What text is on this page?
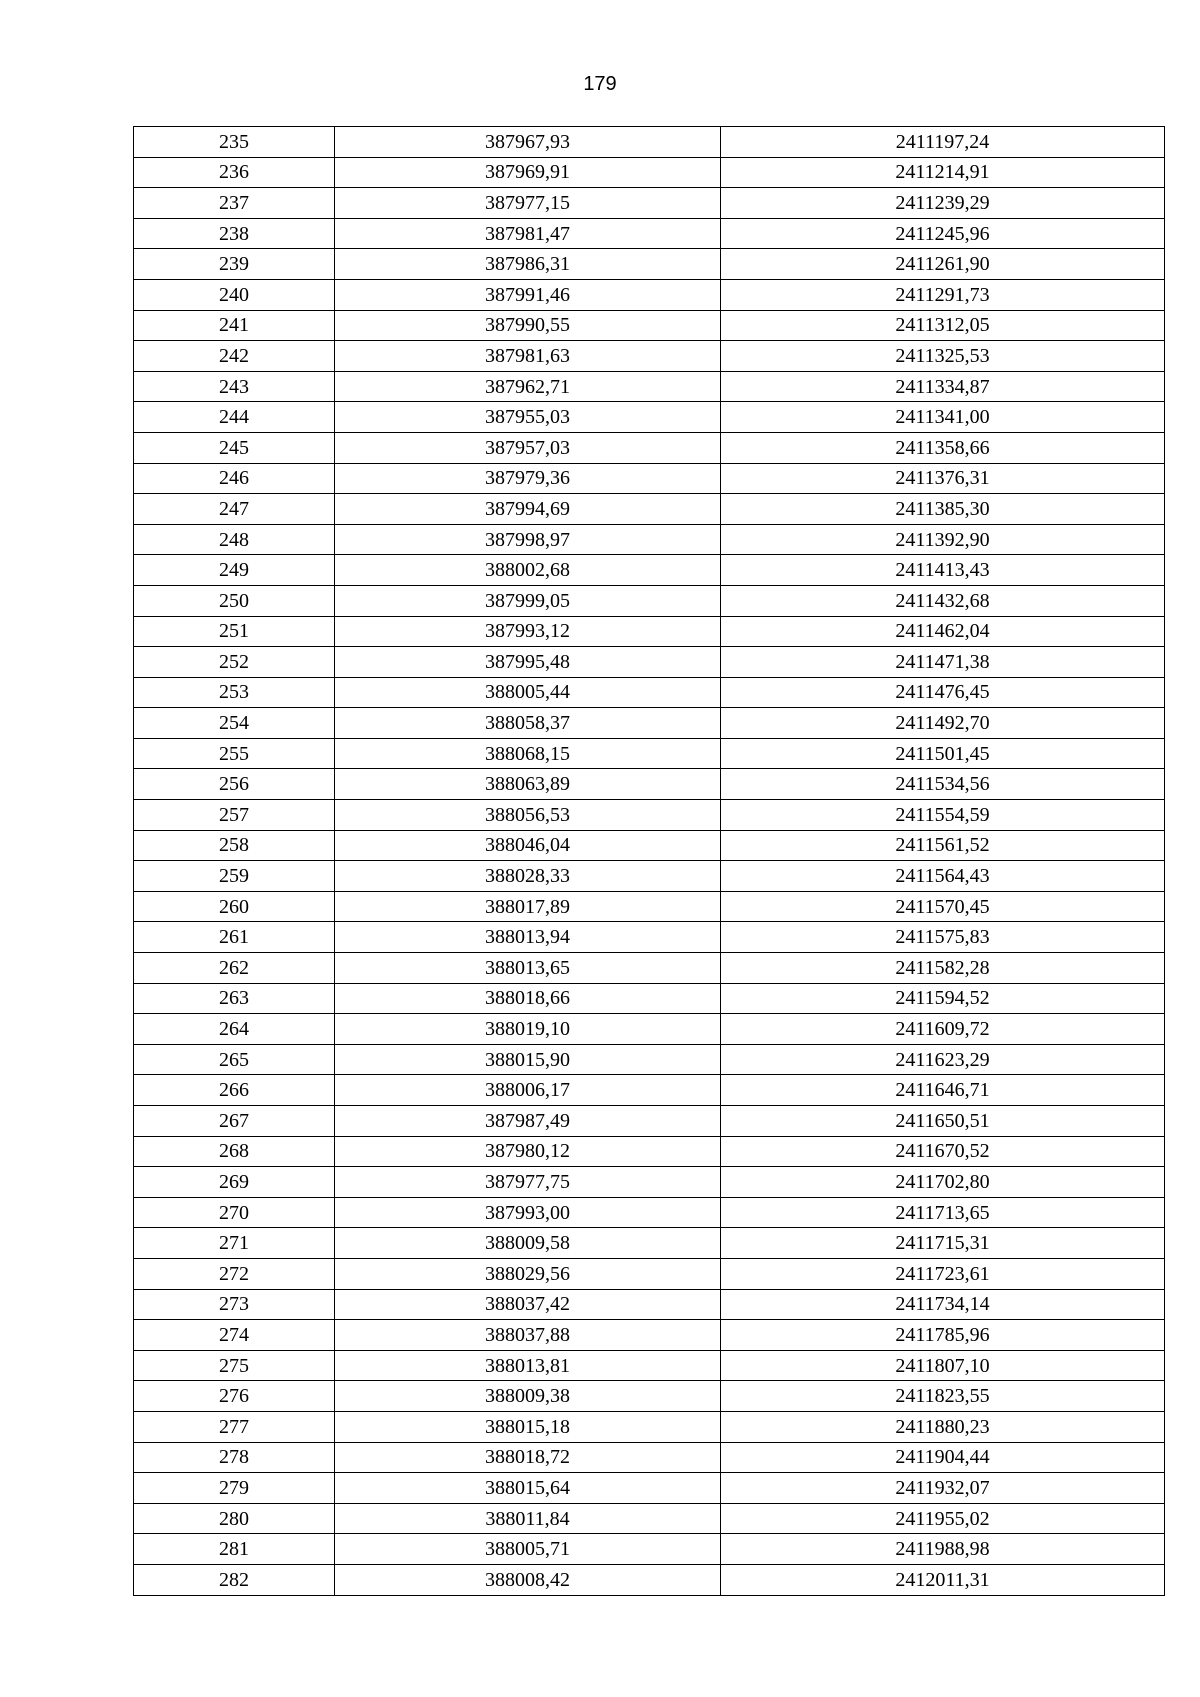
179
235	387967,93	2411197,24
236	387969,91	2411214,91
237	387977,15	2411239,29
238	387981,47	2411245,96
239	387986,31	2411261,90
240	387991,46	2411291,73
241	387990,55	2411312,05
242	387981,63	2411325,53
243	387962,71	2411334,87
244	387955,03	2411341,00
245	387957,03	2411358,66
246	387979,36	2411376,31
247	387994,69	2411385,30
248	387998,97	2411392,90
249	388002,68	2411413,43
250	387999,05	2411432,68
251	387993,12	2411462,04
252	387995,48	2411471,38
253	388005,44	2411476,45
254	388058,37	2411492,70
255	388068,15	2411501,45
256	388063,89	2411534,56
257	388056,53	2411554,59
258	388046,04	2411561,52
259	388028,33	2411564,43
260	388017,89	2411570,45
261	388013,94	2411575,83
262	388013,65	2411582,28
263	388018,66	2411594,52
264	388019,10	2411609,72
265	388015,90	2411623,29
266	388006,17	2411646,71
267	387987,49	2411650,51
268	387980,12	2411670,52
269	387977,75	2411702,80
270	387993,00	2411713,65
271	388009,58	2411715,31
272	388029,56	2411723,61
273	388037,42	2411734,14
274	388037,88	2411785,96
275	388013,81	2411807,10
276	388009,38	2411823,55
277	388015,18	2411880,23
278	388018,72	2411904,44
279	388015,64	2411932,07
280	388011,84	2411955,02
281	388005,71	2411988,98
282	388008,42	2412011,31
